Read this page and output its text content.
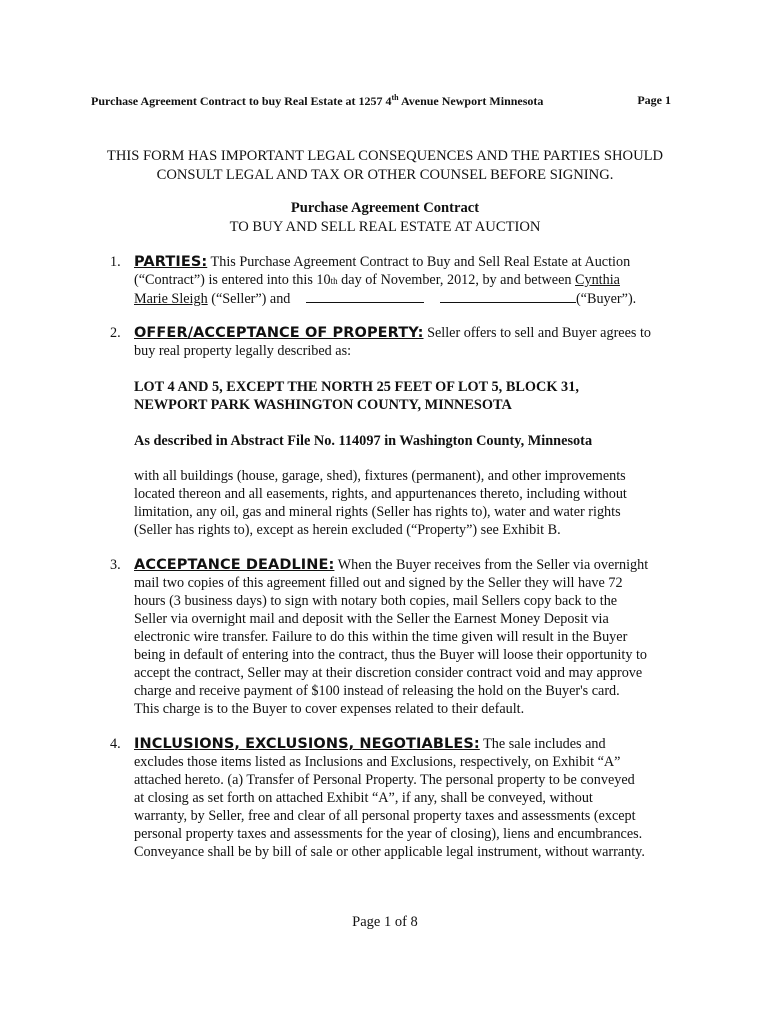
Purchase Agreement Contract to buy Real Estate at 1257 4th Avenue Newport Minnesota	Page 1
THIS FORM HAS IMPORTANT LEGAL CONSEQUENCES AND THE PARTIES SHOULD
CONSULT LEGAL AND TAX OR OTHER COUNSEL BEFORE SIGNING.
Purchase Agreement Contract
TO BUY AND SELL REAL ESTATE AT AUCTION
1. PARTIES: This Purchase Agreement Contract to Buy and Sell Real Estate at Auction
(“Contract”) is entered into this 10th day of November, 2012, by and between Cynthia
Marie Sleigh (“Seller”) and	(“Buyer”).
2. OFFER/ACCEPTANCE OF PROPERTY: Seller offers to sell and Buyer agrees to
buy real property legally described as:
LOT 4 AND 5, EXCEPT THE NORTH 25 FEET OF LOT 5, BLOCK 31,
NEWPORT PARK WASHINGTON COUNTY, MINNESOTA
As described in Abstract File No. 114097 in Washington County, Minnesota
with all buildings (house, garage, shed), fixtures (permanent), and other improvements
located thereon and all easements, rights, and appurtenances thereto, including without
limitation, any oil, gas and mineral rights (Seller has rights to), water and water rights
(Seller has rights to), except as herein excluded (“Property”) see Exhibit B.
3. ACCEPTANCE DEADLINE: When the Buyer receives from the Seller via overnight
mail two copies of this agreement filled out and signed by the Seller they will have 72
hours (3 business days) to sign with notary both copies, mail Sellers copy back to the
Seller via overnight mail and deposit with the Seller the Earnest Money Deposit via
electronic wire transfer. Failure to do this within the time given will result in the Buyer
being in default of entering into the contract, thus the Buyer will loose their opportunity to
accept the contract, Seller may at their discretion consider contract void and may approve
charge and receive payment of $100 instead of releasing the hold on the Buyer's card.
This charge is to the Buyer to cover expenses related to their default.
4. INCLUSIONS, EXCLUSIONS, NEGOTIABLES: The sale includes and
excludes those items listed as Inclusions and Exclusions, respectively, on Exhibit “A”
attached hereto. (a) Transfer of Personal Property. The personal property to be conveyed
at closing as set forth on attached Exhibit “A”, if any, shall be conveyed, without
warranty, by Seller, free and clear of all personal property taxes and assessments (except
personal property taxes and assessments for the year of closing), liens and encumbrances.
Conveyance shall be by bill of sale or other applicable legal instrument, without warranty.
Page 1 of 8
